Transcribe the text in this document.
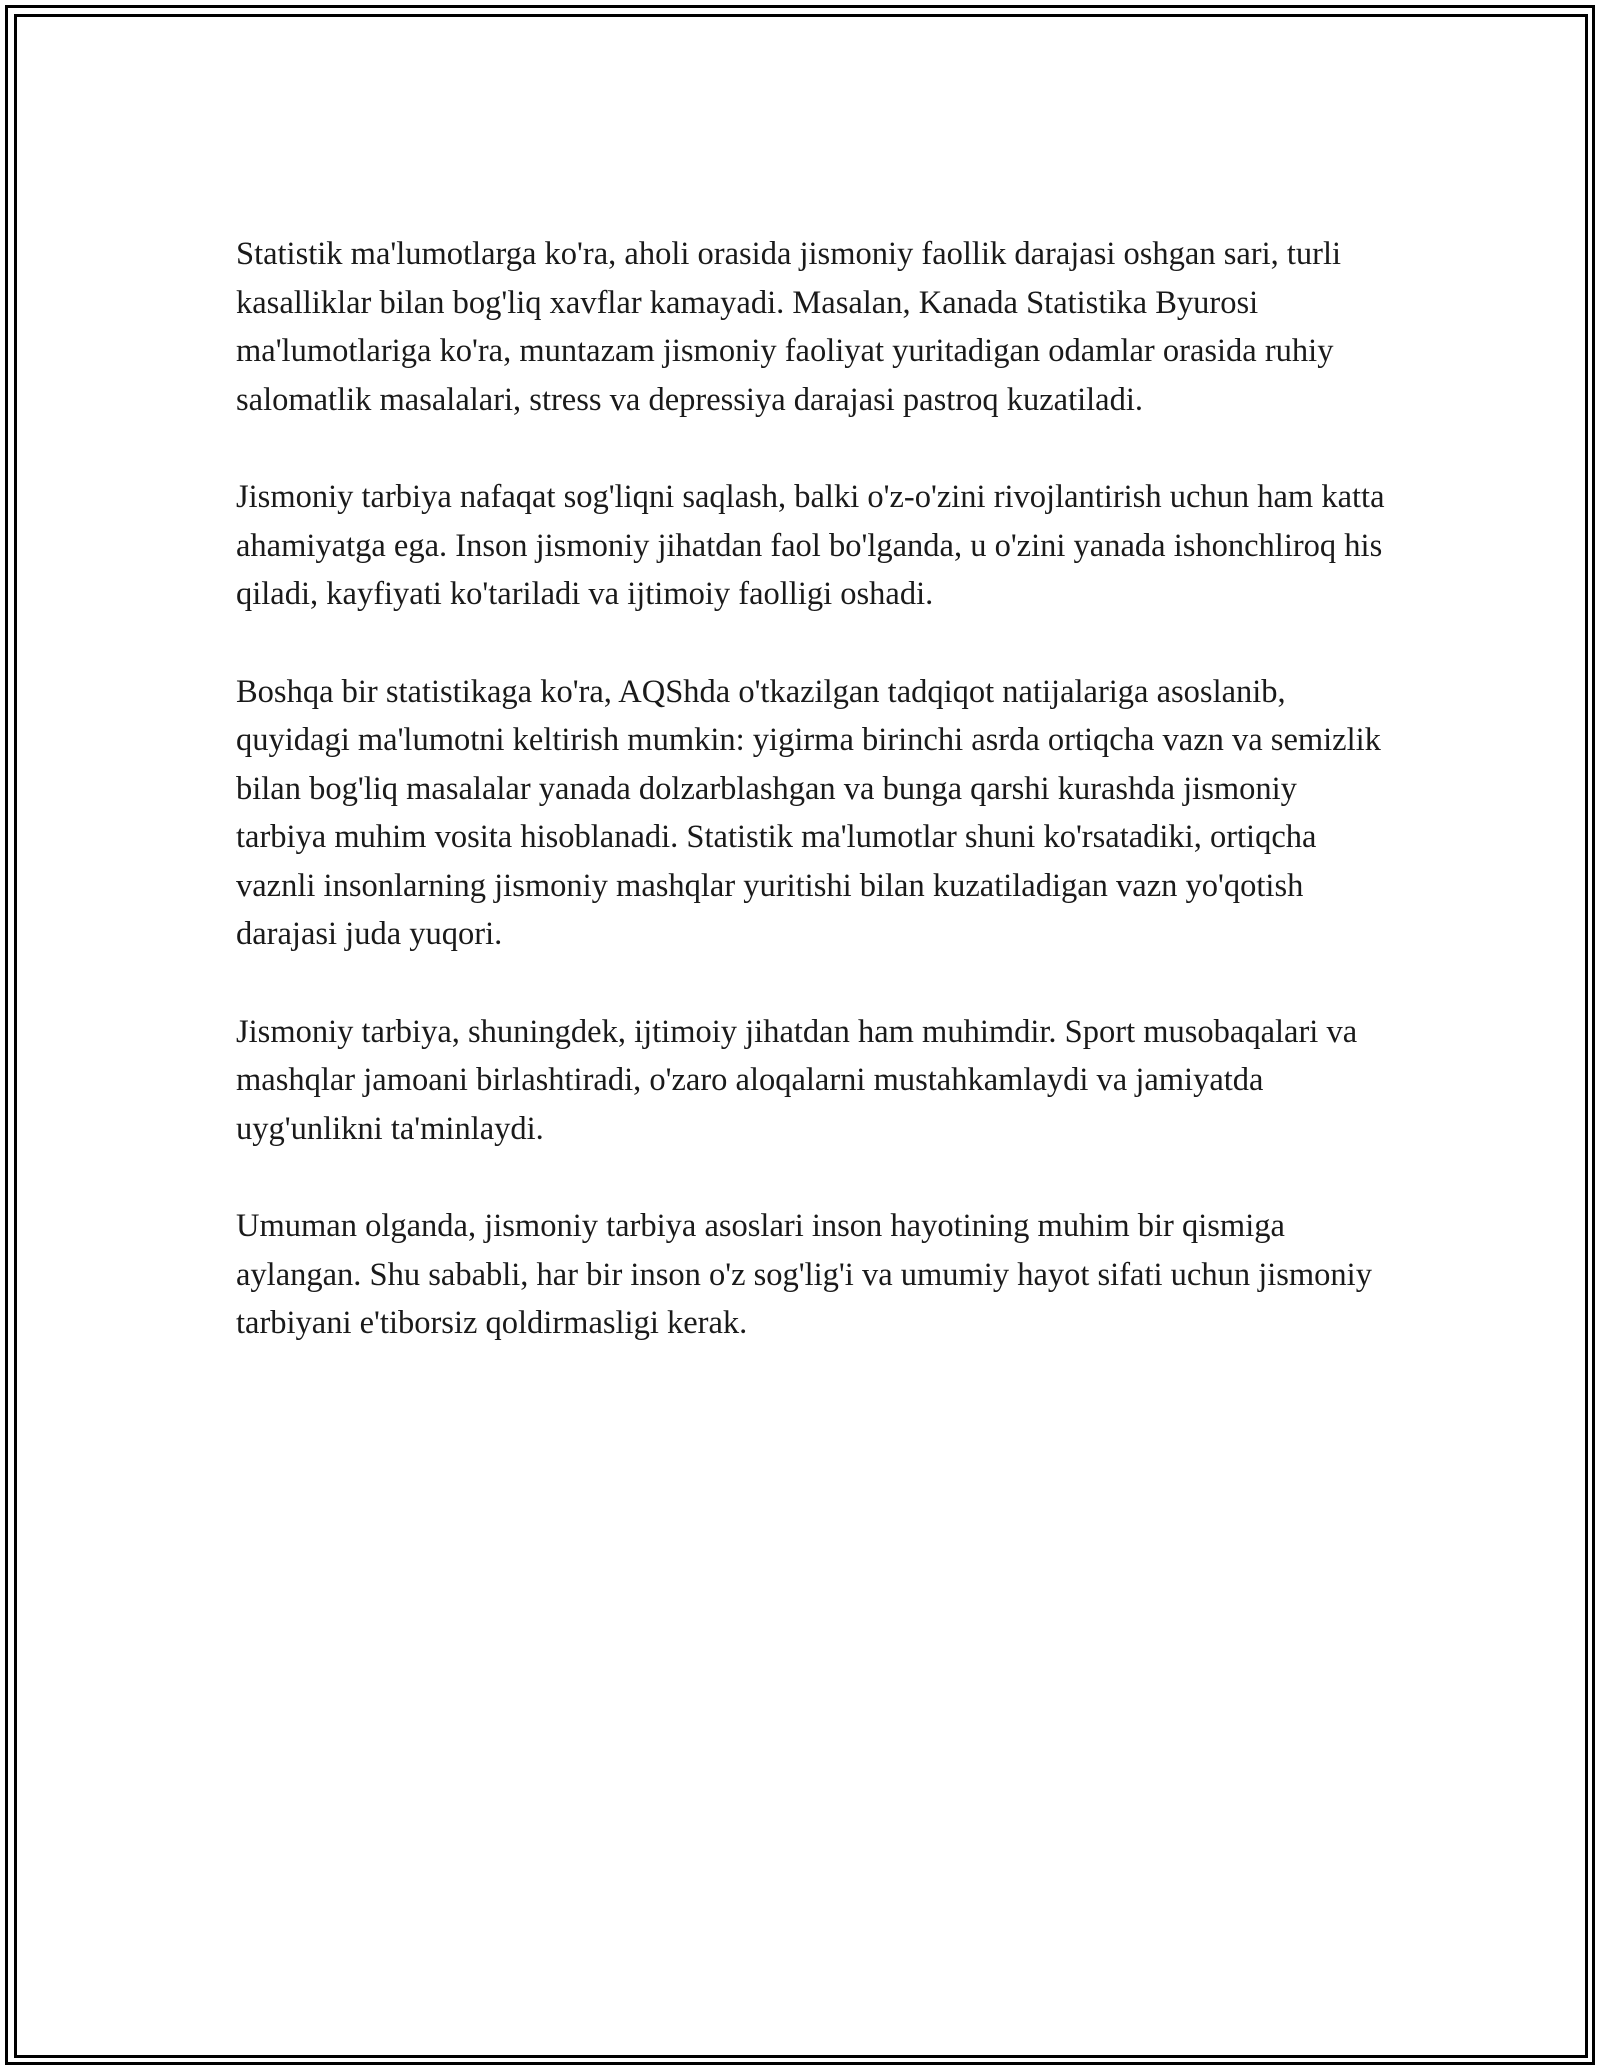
Statistik ma'lumotlarga ko'ra, aholi orasida jismoniy faollik darajasi oshgan sari, turli kasalliklar bilan bog'liq xavflar kamayadi. Masalan, Kanada Statistika Byurosi ma'lumotlariga ko'ra, muntazam jismoniy faoliyat yuritadigan odamlar orasida ruhiy salomatlik masalalari, stress va depressiya darajasi pastroq kuzatiladi.

Jismoniy tarbiya nafaqat sog'liqni saqlash, balki o'z-o'zini rivojlantirish uchun ham katta ahamiyatga ega. Inson jismoniy jihatdan faol bo'lganda, u o'zini yanada ishonchliroq his qiladi, kayfiyati ko'tariladi va ijtimoiy faolligi oshadi.

Boshqa bir statistikaga ko'ra, AQShda o'tkazilgan tadqiqot natijalariga asoslanib, quyidagi ma'lumotni keltirish mumkin: yigirma birinchi asrda ortiqcha vazn va semizlik bilan bog'liq masalalar yanada dolzarblashgan va bunga qarshi kurashda jismoniy tarbiya muhim vosita hisoblanadi. Statistik ma'lumotlar shuni ko'rsatadiki, ortiqcha vaznli insonlarning jismoniy mashqlar yuritishi bilan kuzatiladigan vazn yo'qotish darajasi juda yuqori.

Jismoniy tarbiya, shuningdek, ijtimoiy jihatdan ham muhimdir. Sport musobaqalari va mashqlar jamoani birlashtiradi, o'zaro aloqalarni mustahkamlaydi va jamiyatda uyg'unlikni ta'minlaydi.

Umuman olganda, jismoniy tarbiya asoslari inson hayotining muhim bir qismiga aylangan. Shu sababli, har bir inson o'z sog'lig'i va umumiy hayot sifati uchun jismoniy tarbiyani e'tiborsiz qoldirmasligi kerak.
